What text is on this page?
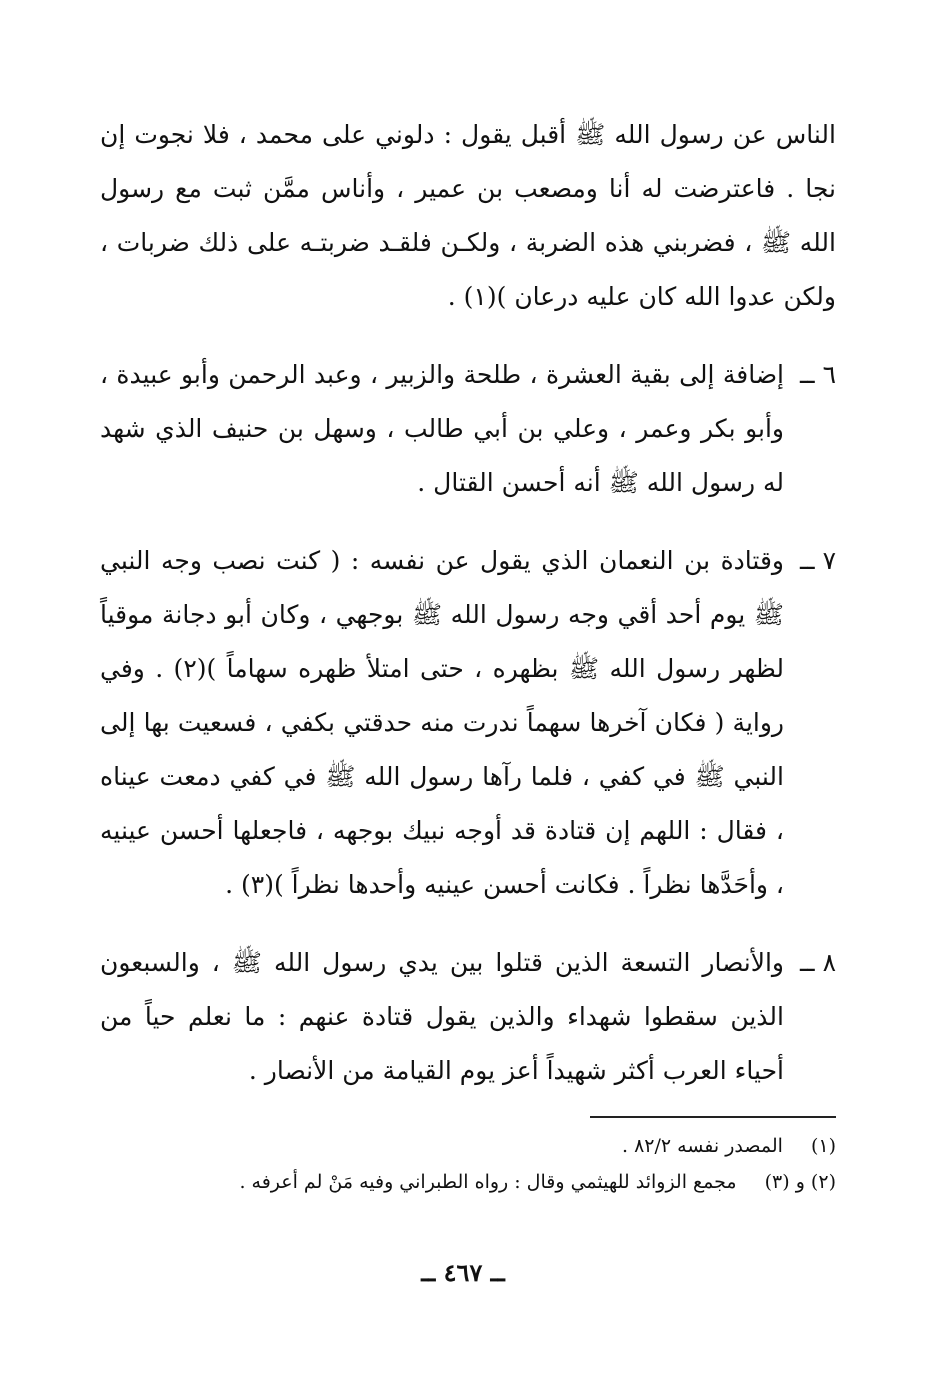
الناس عن رسول الله ﷺ أقبل يقول : دلوني على محمد ، فلا نجوت إن نجا . فاعترضت له أنا ومصعب بن عمير ، وأناس ممَّن ثبت مع رسول الله ﷺ ، فضربني هذه الضربة ، ولكـن فلقـد ضربتـه على ذلك ضربات ، ولكن عدوا الله كان عليه درعان )(١) .

٦ ــ
إضافة إلى بقية العشرة ، طلحة والزبير ، وعبد الرحمن وأبو عبيدة ، وأبو بكر وعمر ، وعلي بن أبي طالب ، وسهل بن حنيف الذي شهد له رسول الله ﷺ أنه أحسن القتال .
٧ ــ
وقتادة بن النعمان الذي يقول عن نفسه : ( كنت نصب وجه النبي ﷺ يوم أحد أقي وجه رسول الله ﷺ بوجهي ، وكان أبو دجانة موقياً لظهر رسول الله ﷺ بظهره ، حتى امتلأ ظهره سهاماً )(٢) . وفي رواية ( فكان آخرها سهماً ندرت منه حدقتي بكفي ، فسعيت بها إلى النبي ﷺ في كفي ، فلما رآها رسول الله ﷺ في كفي دمعت عيناه ، فقال : اللهم إن قتادة قد أوجه نبيك بوجهه ، فاجعلها أحسن عينيه ، وأحَدَّها نظراً . فكانت أحسن عينيه وأحدها نظراً )(٣) .
٨ ــ
والأنصار التسعة الذين قتلوا بين يدي رسول الله ﷺ ، والسبعون الذين سقطوا شهداء والذين يقول قتادة عنهم : ما نعلم حياً من أحياء العرب أكثر شهيداً أعز يوم القيامة من الأنصار .

(١) المصدر نفسه ٨٢/٢ .

(٢) و (٣) مجمع الزوائد للهيثمي وقال : رواه الطبراني وفيه مَنْ لم أعرفه .

ــ ٤٦٧ ــ
